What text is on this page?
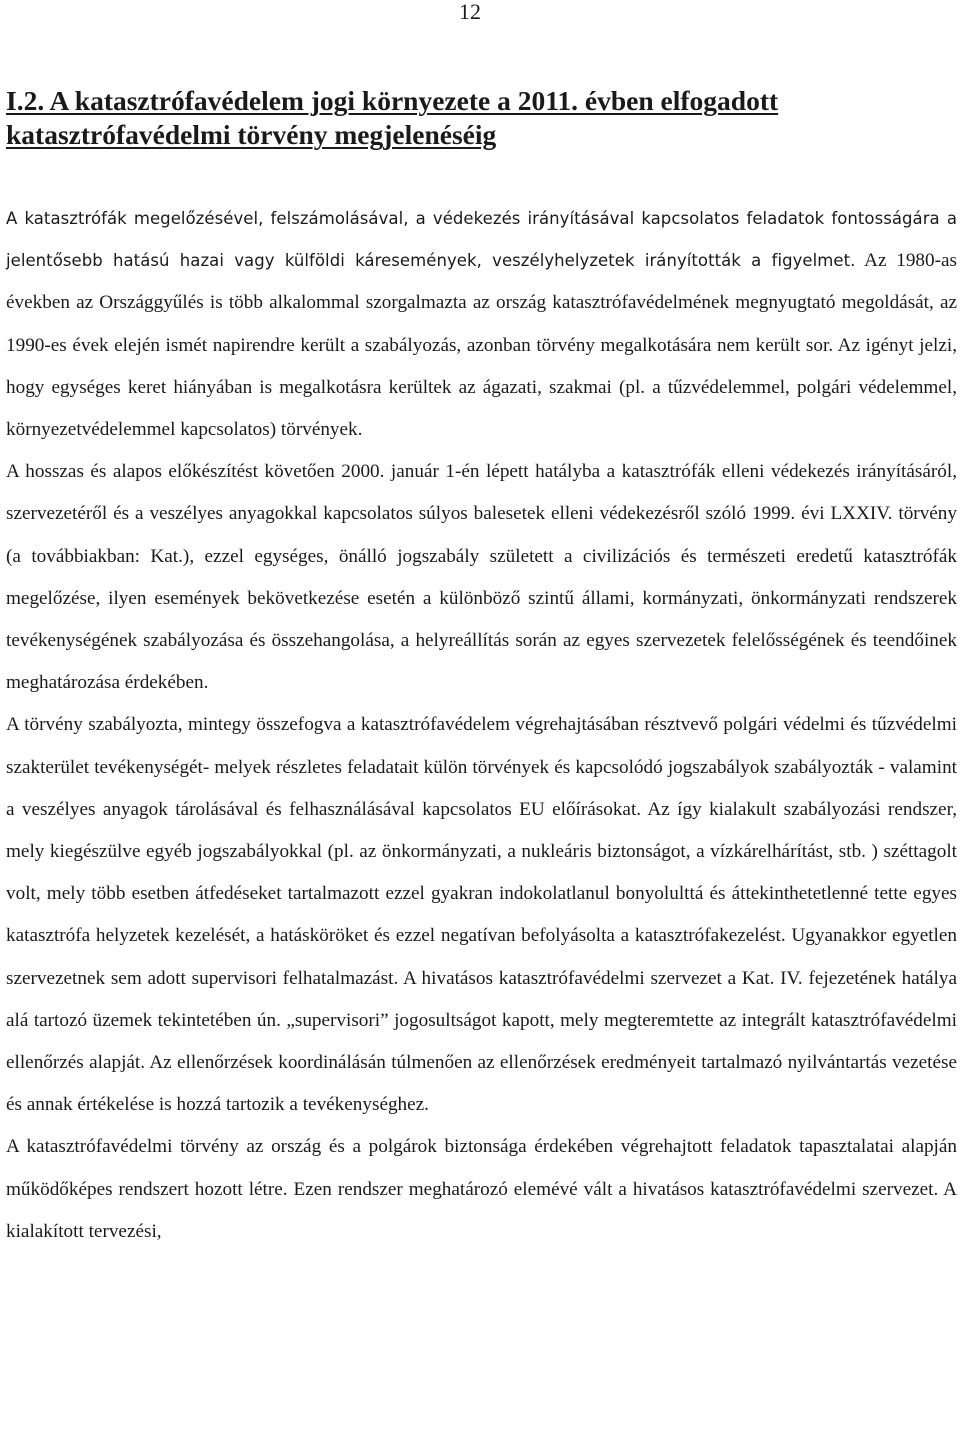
12
I.2. A katasztrófavédelem jogi környezete a 2011. évben elfogadott katasztrófavédelmi törvény megjelenéséig

A katasztrófák megelőzésével, felszámolásával, a védekezés irányításával kapcsolatos feladatok fontosságára a jelentősebb hatású hazai vagy külföldi káresemények, veszélyhelyzetek irányították a figyelmet. Az 1980-as években az Országgyűlés is több alkalommal szorgalmazta az ország katasztrófavédelmének megnyugtató megoldását, az 1990-es évek elején ismét napirendre került a szabályozás, azonban törvény megalkotására nem került sor. Az igényt jelzi, hogy egységes keret hiányában is megalkotásra kerültek az ágazati, szakmai (pl. a tűzvédelemmel, polgári védelemmel, környezetvédelemmel kapcsolatos) törvények.

A hosszas és alapos előkészítést követően 2000. január 1-én lépett hatályba a katasztrófák elleni védekezés irányításáról, szervezetéről és a veszélyes anyagokkal kapcsolatos súlyos balesetek elleni védekezésről szóló 1999. évi LXXIV. törvény (a továbbiakban: Kat.), ezzel egységes, önálló jogszabály született a civilizációs és természeti eredetű katasztrófák megelőzése, ilyen események bekövetkezése esetén a különböző szintű állami, kormányzati, önkormányzati rendszerek tevékenységének szabályozása és összehangolása, a helyreállítás során az egyes szervezetek felelősségének és teendőinek meghatározása érdekében.

A törvény szabályozta, mintegy összefogva a katasztrófavédelem végrehajtásában résztvevő polgári védelmi és tűzvédelmi szakterület tevékenységét- melyek részletes feladatait külön törvények és kapcsolódó jogszabályok szabályozták - valamint a veszélyes anyagok tárolásával és felhasználásával kapcsolatos EU előírásokat. Az így kialakult szabályozási rendszer, mely kiegészülve egyéb jogszabályokkal (pl. az önkormányzati, a nukleáris biztonságot, a vízkárelhárítást, stb. ) széttagolt volt, mely több esetben átfedéseket tartalmazott ezzel gyakran indokolatlanul bonyolulttá és áttekinthetetlenné tette egyes katasztrófa helyzetek kezelését, a hatásköröket és ezzel negatívan befolyásolta a katasztrófakezelést. Ugyanakkor egyetlen szervezetnek sem adott supervisori felhatalmazást. A hivatásos katasztrófavédelmi szervezet a Kat. IV. fejezetének hatálya alá tartozó üzemek tekintetében ún. „supervisori” jogosultságot kapott, mely megteremtette az integrált katasztrófavédelmi ellenőrzés alapját. Az ellenőrzések koordinálásán túlmenően az ellenőrzések eredményeit tartalmazó nyilvántartás vezetése és annak értékelése is hozzá tartozik a tevékenységhez.

A katasztrófavédelmi törvény az ország és a polgárok biztonsága érdekében végrehajtott feladatok tapasztalatai alapján működőképes rendszert hozott létre. Ezen rendszer meghatározó elemévé vált a hivatásos katasztrófavédelmi szervezet. A kialakított tervezési,
